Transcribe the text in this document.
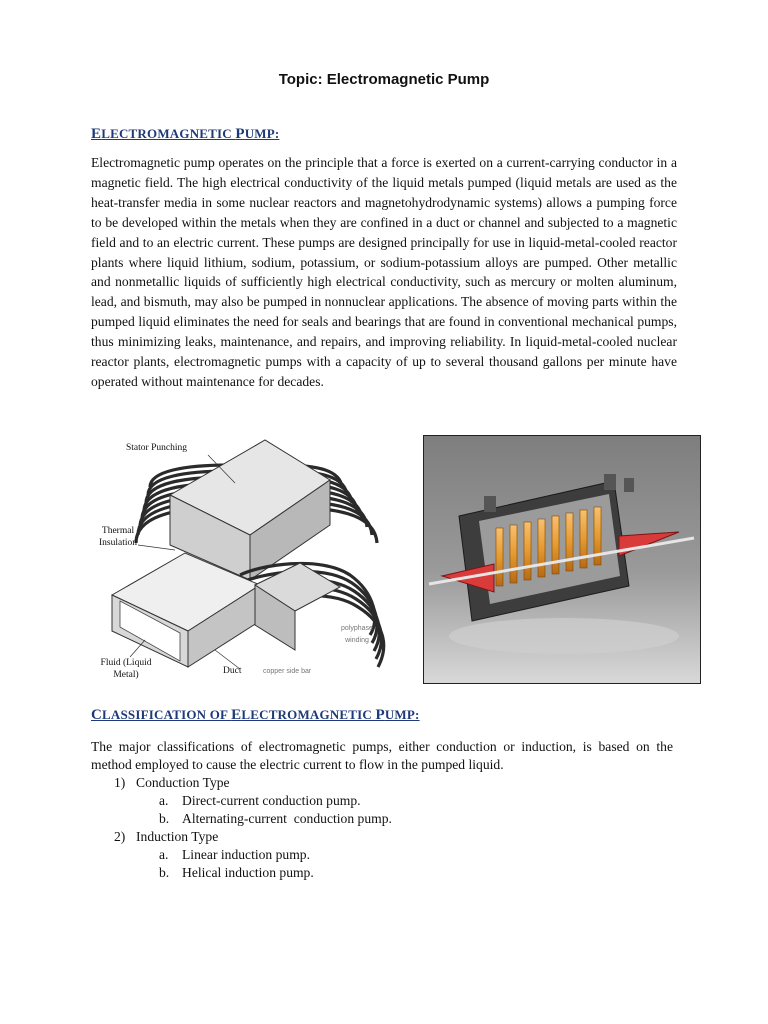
Topic: Electromagnetic Pump
ELECTROMAGNETIC PUMP:
Electromagnetic pump operates on the principle that a force is exerted on a current-carrying conductor in a magnetic field. The high electrical conductivity of the liquid metals pumped (liquid metals are used as the heat-transfer media in some nuclear reactors and magnetohydrodynamic systems) allows a pumping force to be developed within the metals when they are confined in a duct or channel and subjected to a magnetic field and to an electric current. These pumps are designed principally for use in liquid-metal-cooled reactor plants where liquid lithium, sodium, potassium, or sodium-potassium alloys are pumped. Other metallic and nonmetallic liquids of sufficiently high electrical conductivity, such as mercury or molten aluminum, lead, and bismuth, may also be pumped in nonnuclear applications. The absence of moving parts within the pumped liquid eliminates the need for seals and bearings that are found in conventional mechanical pumps, thus minimizing leaks, maintenance, and repairs, and improving reliability. In liquid-metal-cooled nuclear reactor plants, electromagnetic pumps with a capacity of up to several thousand gallons per minute have operated without maintenance for decades.
Stator Punching
Thermal Insulation
Fluid (Liquid Metal)	Duct	copper side bar
polyphase winding
CLASSIFICATION OF ELECTROMAGNETIC PUMP:
The major classifications of electromagnetic pumps, either conduction or induction, is based on the method employed to cause the electric current to flow in the pumped liquid.
1) Conduction Type
a. Direct-current conduction pump.
b. Alternating-current  conduction pump.
2) Induction Type
a. Linear induction pump.
b. Helical induction pump.
